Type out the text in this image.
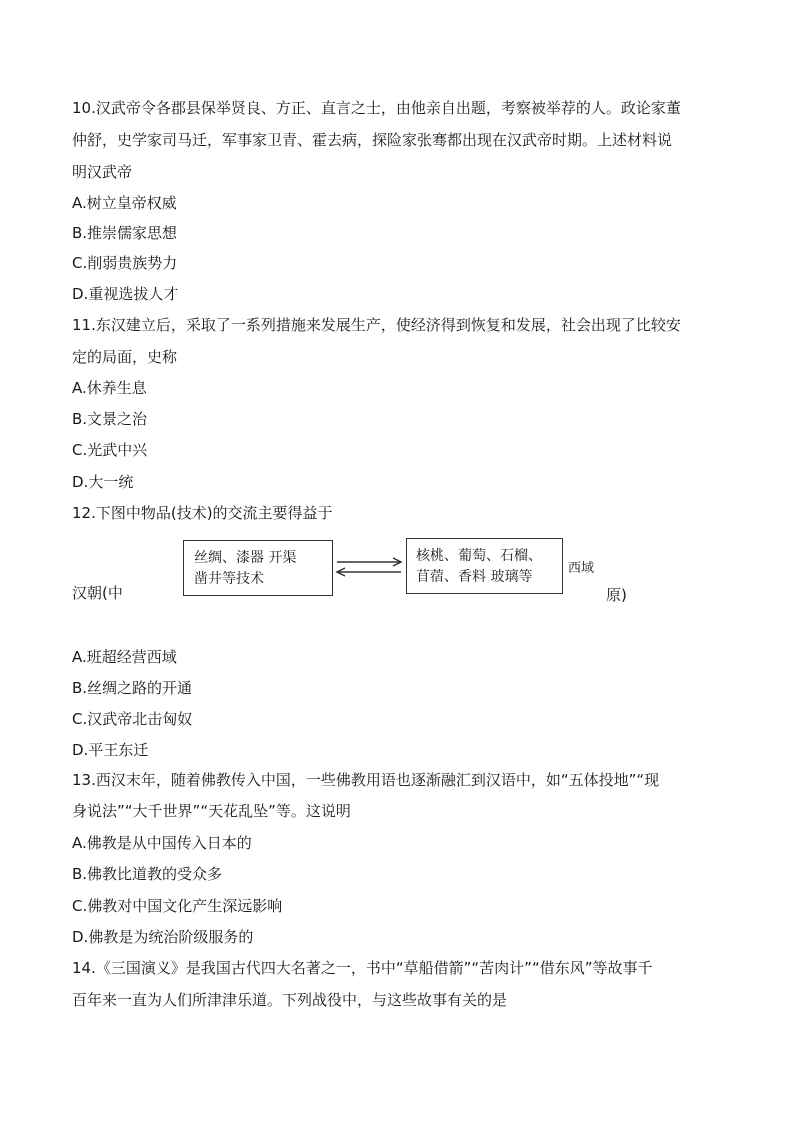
10.汉武帝令各郡县保举贤良、方正、直言之士，由他亲自出题，考察被举荐的人。政论家董
仲舒，史学家司马迁，军事家卫青、霍去病，探险家张骞都出现在汉武帝时期。上述材料说
明汉武帝
A.树立皇帝权威
B.推崇儒家思想
C.削弱贵族势力
D.重视选拔人才
11.东汉建立后，采取了一系列措施来发展生产，使经济得到恢复和发展，社会出现了比较安
定的局面，史称
A.休养生息
B.文景之治
C.光武中兴
D.大一统
12.下图中物品(技术)的交流主要得益于
汉朝(中
丝绸、漆器 开渠
凿井等技术
核桃、葡萄、石榴、
苜蓿、香料 玻璃等
西域
原)
A.班超经营西域
B.丝绸之路的开通
C.汉武帝北击匈奴
D.平王东迁
13.西汉末年，随着佛教传入中国，一些佛教用语也逐渐融汇到汉语中，如“五体投地”“现
身说法”“大千世界”“天花乱坠”等。这说明
A.佛教是从中国传入日本的
B.佛教比道教的受众多
C.佛教对中国文化产生深远影响
D.佛教是为统治阶级服务的
14.《三国演义》是我国古代四大名著之一，书中“草船借箭”“苦肉计”“借东风”等故事千
百年来一直为人们所津津乐道。下列战役中，与这些故事有关的是
